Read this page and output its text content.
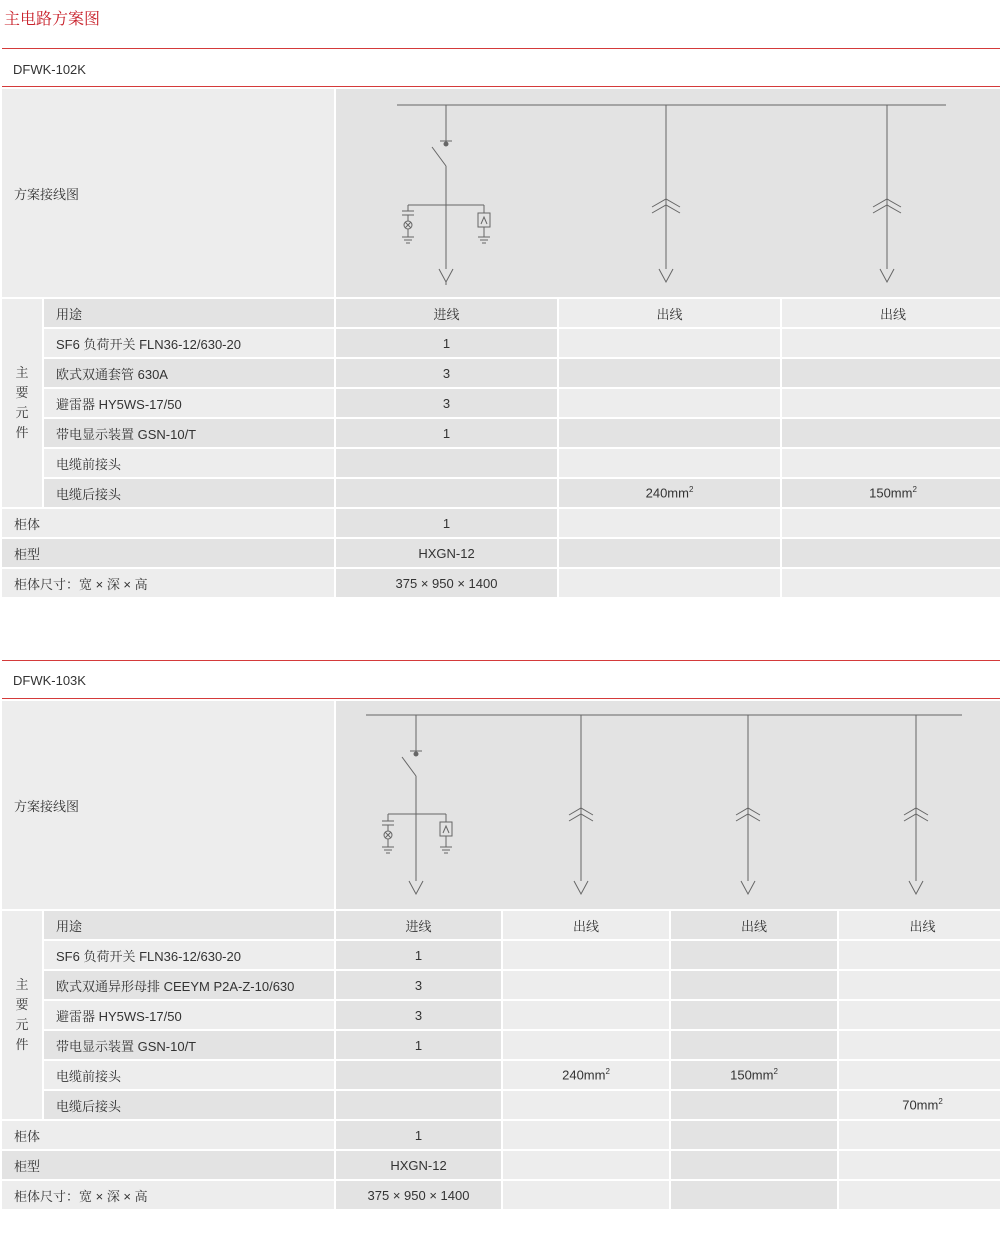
主电路方案图
DFWK-102K
方案接线图	

主
要
元
件	用途	进线	出线	出线
	SF6 负荷开关 FLN36-12/630-20	1		
	欧式双通套管 630A	3		
	避雷器 HY5WS-17/50	3		
	带电显示装置 GSN-10/T	1		
	电缆前接头			
	电缆后接头		$240mm^2$	$150mm^2$
柜体		1		
柜型		HXGN-12		
柜体尺寸：宽 × 深 × 高		375 × 950 × 1400		
DFWK-103K
方案接线图	

主
要
元
件	用途	进线	出线	出线	出线
	SF6 负荷开关 FLN36-12/630-20	1			
	欧式双通异形母排 CEEYM P2A-Z-10/630	3			
	避雷器 HY5WS-17/50	3			
	带电显示装置 GSN-10/T	1			
	电缆前接头		$240mm^2$	$150mm^2$	
	电缆后接头				$70mm^2$
柜体		1			
柜型		HXGN-12			
柜体尺寸：宽 × 深 × 高		375 × 950 × 1400			
